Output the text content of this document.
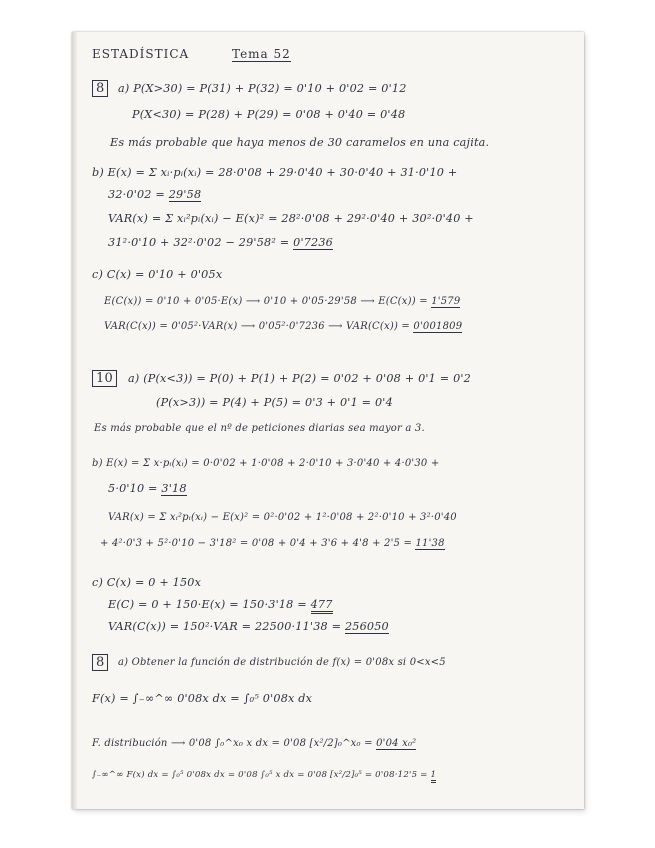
ESTADÍSTICA	Tema 52
8	a) P(X>30) = P(31) + P(32) = 0'10 + 0'02 = 0'12
P(X<30) = P(28) + P(29) = 0'08 + 0'40 = 0'48
Es más probable que haya menos de 30 caramelos en una cajita.
b) E(x) = Σ xᵢ·pᵢ(xᵢ) = 28·0'08 + 29·0'40 + 30·0'40 + 31·0'10 +
32·0'02 = 29'58
VAR(x) = Σ xᵢ²pᵢ(xᵢ) − E(x)² = 28²·0'08 + 29²·0'40 + 30²·0'40 +
31²·0'10 + 32²·0'02 − 29'58² = 0'7236
c) C(x) = 0'10 + 0'05x
E(C(x)) = 0'10 + 0'05·E(x) ⟶ 0'10 + 0'05·29'58 ⟶ E(C(x)) = 1'579
VAR(C(x)) = 0'05²·VAR(x) ⟶ 0'05²·0'7236 ⟶ VAR(C(x)) = 0'001809
10	a) (P(x<3)) = P(0) + P(1) + P(2) = 0'02 + 0'08 + 0'1 = 0'2
(P(x>3)) = P(4) + P(5) = 0'3 + 0'1 = 0'4
Es más probable que el nº de peticiones diarias sea mayor a 3.
b) E(x) = Σ x·pᵢ(xᵢ) = 0·0'02 + 1·0'08 + 2·0'10 + 3·0'40 + 4·0'30 +
5·0'10 = 3'18
VAR(x) = Σ xᵢ²pᵢ(xᵢ) − E(x)² = 0²·0'02 + 1²·0'08 + 2²·0'10 + 3²·0'40
+ 4²·0'3 + 5²·0'10 − 3'18² = 0'08 + 0'4 + 3'6 + 4'8 + 2'5 = 11'38
c) C(x) = 0 + 150x
E(C) = 0 + 150·E(x) = 150·3'18 = 477
VAR(C(x)) = 150²·VAR = 22500·11'38 = 256050
8	a) Obtener la función de distribución de f(x) = 0'08x si 0<x<5
F(x) = ∫₋∞^∞ 0'08x dx = ∫₀⁵ 0'08x dx
F. distribución ⟶ 0'08 ∫₀^x₀ x dx = 0'08 [x²/2]₀^x₀ = 0'04 x₀²
∫₋∞^∞ F(x) dx = ∫₀⁵ 0'08x dx = 0'08 ∫₀⁵ x dx = 0'08 [x²/2]₀⁵ = 0'08·12'5 = 1
